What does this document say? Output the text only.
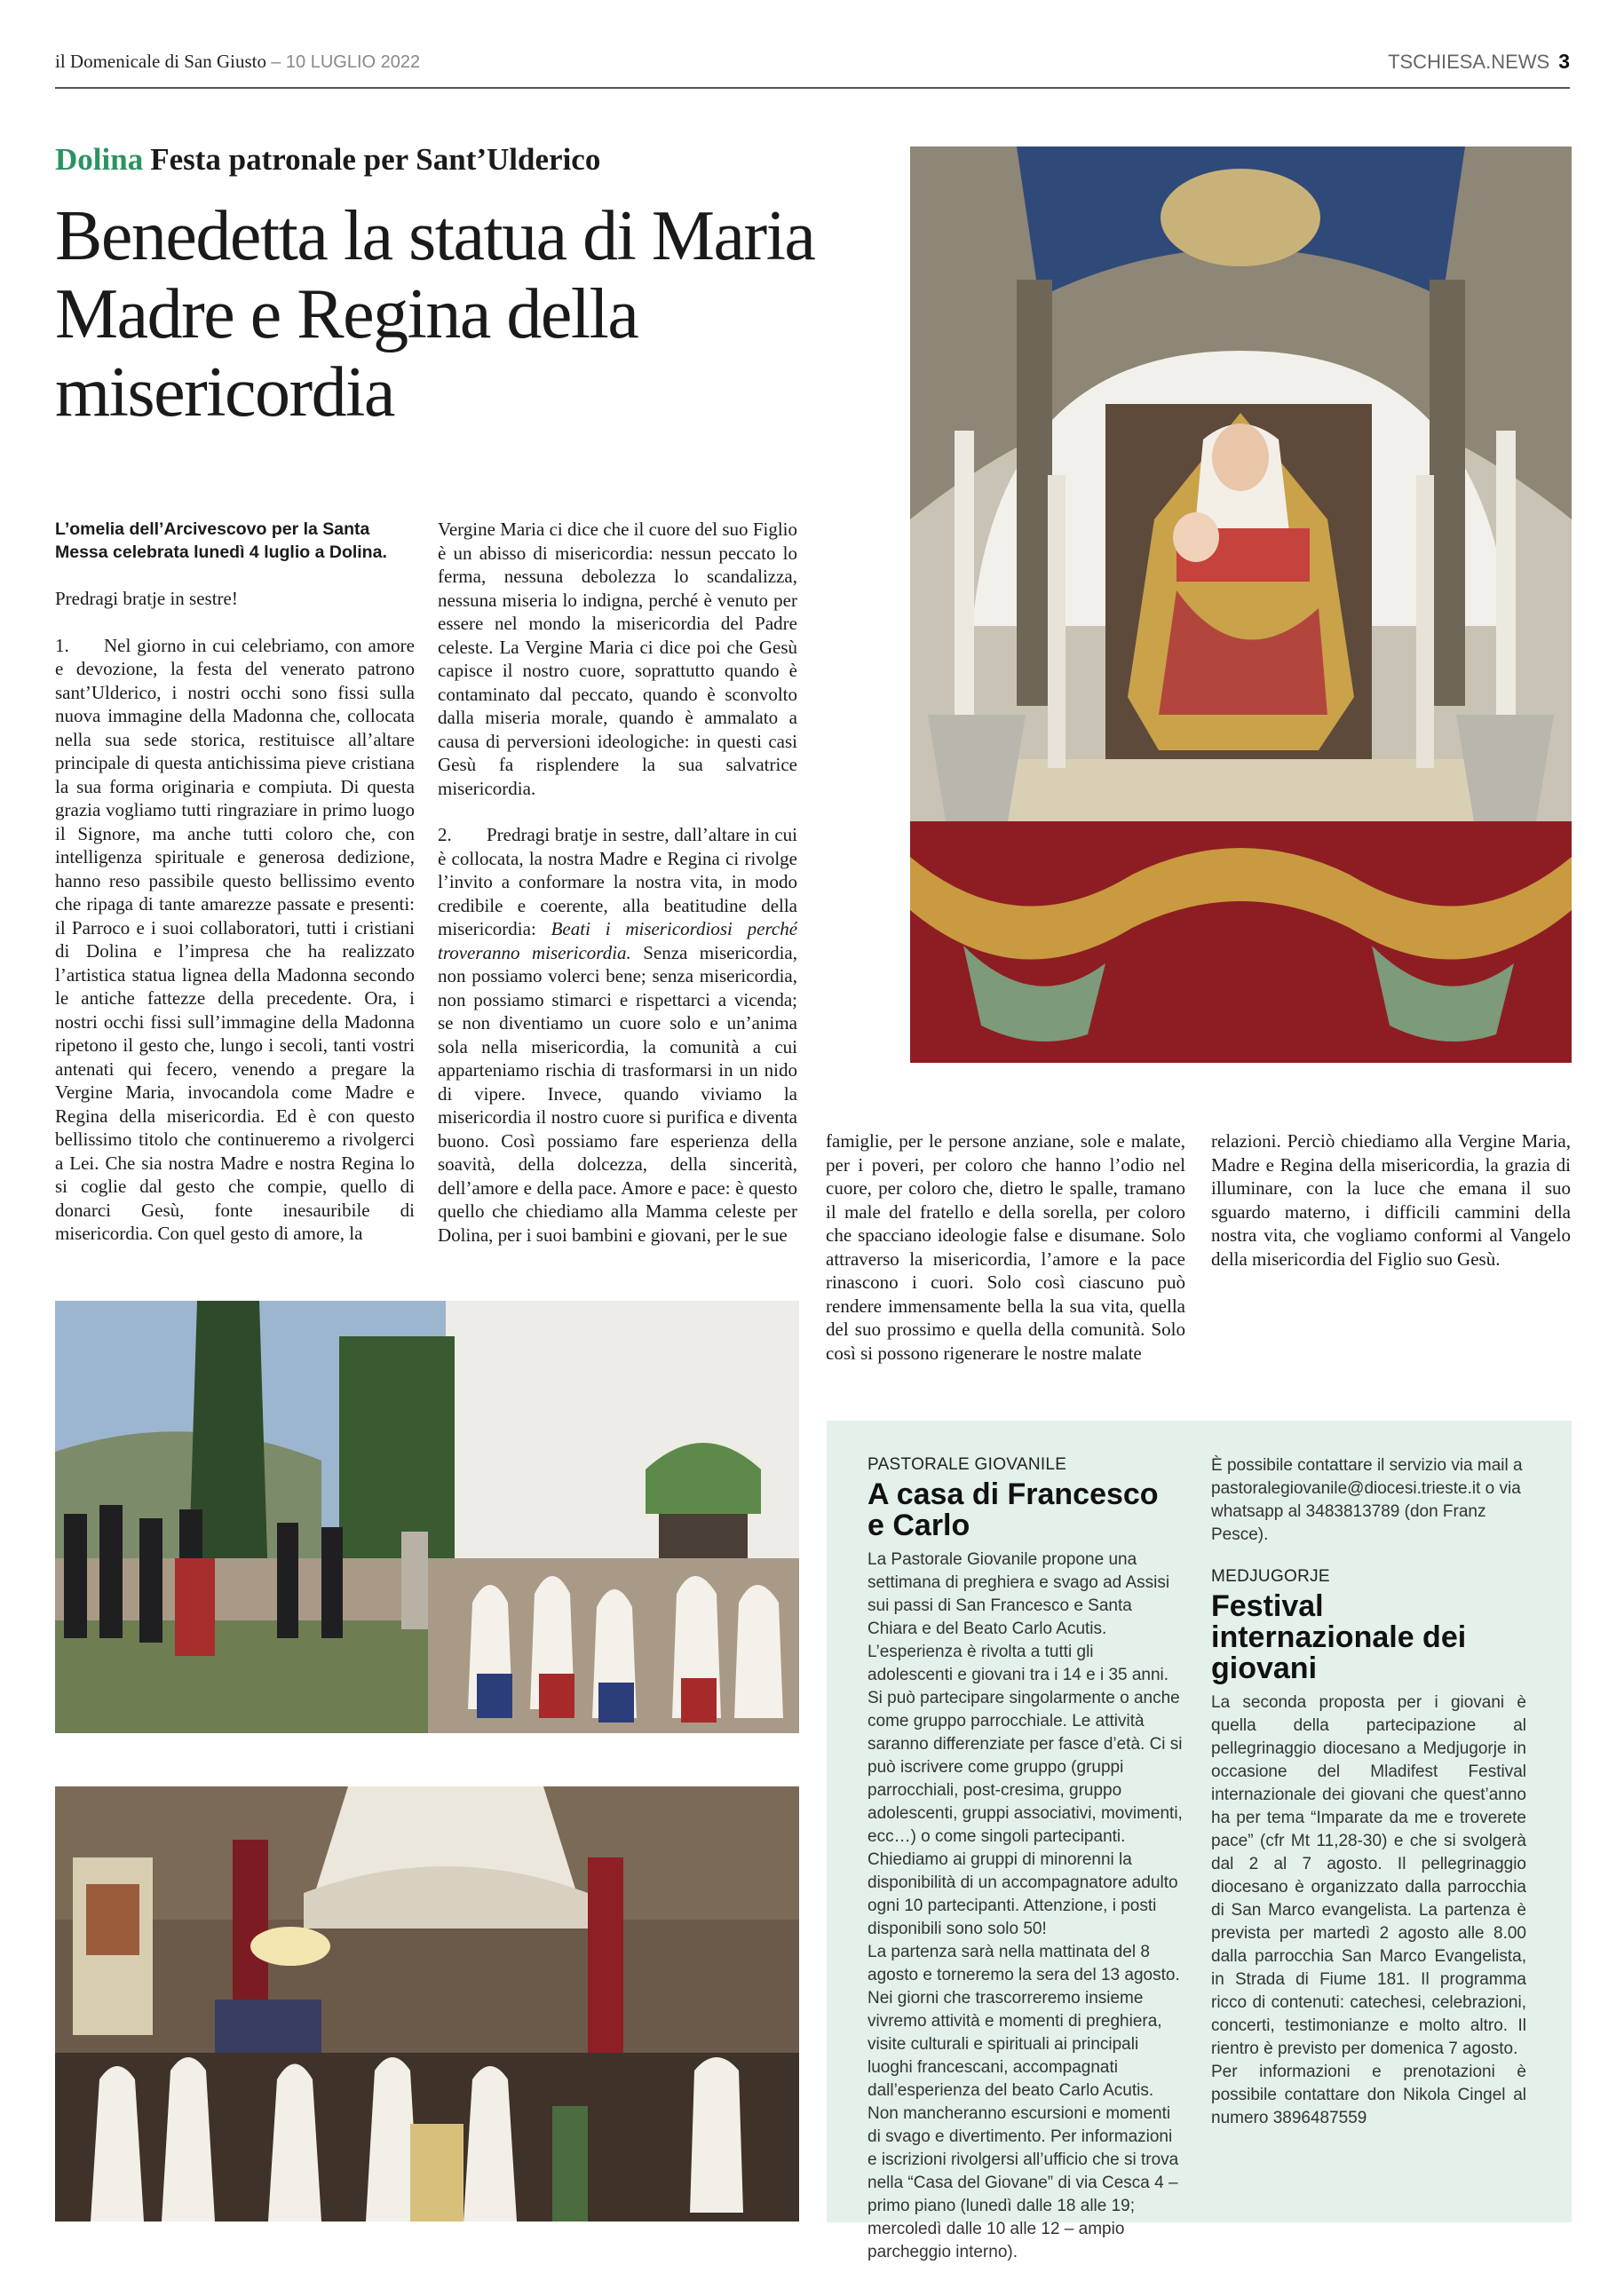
il Domenicale di San Giusto – 10 LUGLIO 2022	TSCHIESA.NEWS 3
Dolina Festa patronale per Sant’Ulderico
Benedetta la statua di Maria Madre e Regina della misericordia

L’omelia dell’Arcivescovo per la Santa Messa celebrata lunedì 4 luglio a Dolina.

Predragi bratje in sestre!

1. Nel giorno in cui celebriamo, con amore e devozione, la festa del venerato patrono sant’Ulderico, i nostri occhi sono fissi sulla nuova immagine della Madonna che, collocata nella sua sede storica, restituisce all’altare principale di questa antichissima pieve cristiana la sua forma originaria e compiuta. Di questa grazia vogliamo tutti ringraziare in primo luogo il Signore, ma anche tutti coloro che, con intelligenza spirituale e generosa dedizione, hanno reso passibile questo bellissimo evento che ripaga di tante amarezze passate e presenti: il Parroco e i suoi collaboratori, tutti i cristiani di Dolina e l’impresa che ha realizzato l’artistica statua lignea della Madonna secondo le antiche fattezze della precedente. Ora, i nostri occhi fissi sull’immagine della Madonna ripetono il gesto che, lungo i secoli, tanti vostri antenati qui fecero, venendo a pregare la Vergine Maria, invocandola come Madre e Regina della misericordia. Ed è con questo bellissimo titolo che continueremo a rivolgerci a Lei. Che sia nostra Madre e nostra Regina lo si coglie dal gesto che compie, quello di donarci Gesù, fonte inesauribile di misericordia. Con quel gesto di amore, la

Vergine Maria ci dice che il cuore del suo Figlio è un abisso di misericordia: nessun peccato lo ferma, nessuna debolezza lo scandalizza, nessuna miseria lo indigna, perché è venuto per essere nel mondo la misericordia del Padre celeste. La Vergine Maria ci dice poi che Gesù capisce il nostro cuore, soprattutto quando è contaminato dal peccato, quando è sconvolto dalla miseria morale, quando è ammalato a causa di perversioni ideologiche: in questi casi Gesù fa risplendere la sua salvatrice misericordia.

2. Predragi bratje in sestre, dall’altare in cui è collocata, la nostra Madre e Regina ci rivolge l’invito a conformare la nostra vita, in modo credibile e coerente, alla beatitudine della misericordia: Beati i misericordiosi perché troveranno misericordia. Senza misericordia, non possiamo volerci bene; senza misericordia, non possiamo stimarci e rispettarci a vicenda; se non diventiamo un cuore solo e un’anima sola nella misericordia, la comunità a cui apparteniamo rischia di trasformarsi in un nido di vipere. Invece, quando viviamo la misericordia il nostro cuore si purifica e diventa buono. Così possiamo fare esperienza della soavità, della dolcezza, della sincerità, dell’amore e della pace. Amore e pace: è questo quello che chiediamo alla Mamma celeste per Dolina, per i suoi bambini e giovani, per le sue

famiglie, per le persone anziane, sole e malate, per i poveri, per coloro che hanno l’odio nel cuore, per coloro che, dietro le spalle, tramano il male del fratello e della sorella, per coloro che spacciano ideologie false e disumane. Solo attraverso la misericordia, l’amore e la pace rinascono i cuori. Solo così ciascuno può rendere immensamente bella la sua vita, quella del suo prossimo e quella della comunità. Solo così si possono rigenerare le nostre malate

relazioni. Perciò chiediamo alla Vergine Maria, Madre e Regina della misericordia, la grazia di illuminare, con la luce che emana il suo sguardo materno, i difficili cammini della nostra vita, che vogliamo conformi al Vangelo della misericordia del Figlio suo Gesù.

PASTORALE GIOVANILE

A casa di Francesco e Carlo

La Pastorale Giovanile propone una settimana di preghiera e svago ad Assisi sui passi di San Francesco e Santa Chiara e del Beato Carlo Acutis. L’esperienza è rivolta a tutti gli adolescenti e giovani tra i 14 e i 35 anni. Si può partecipare singolarmente o anche come gruppo parrocchiale. Le attività saranno differenziate per fasce d’età. Ci si può iscrivere come gruppo (gruppi parrocchiali, post-cresima, gruppo adolescenti, gruppi associativi, movimenti, ecc…) o come singoli partecipanti. Chiediamo ai gruppi di minorenni la disponibilità di un accompagnatore adulto ogni 10 partecipanti. Attenzione, i posti disponibili sono solo 50!

La partenza sarà nella mattinata del 8 agosto e torneremo la sera del 13 agosto. Nei giorni che trascorreremo insieme vivremo attività e momenti di preghiera, visite culturali e spirituali ai principali luoghi francescani, accompagnati dall’esperienza del beato Carlo Acutis. Non mancheranno escursioni e momenti di svago e divertimento. Per informazioni e iscrizioni rivolgersi all’ufficio che si trova nella “Casa del Giovane” di via Cesca 4 – primo piano (lunedì dalle 18 alle 19; mercoledì dalle 10 alle 12 – ampio parcheggio interno).

È possibile contattare il servizio via mail a pastoralegiovanile@diocesi.trieste.it o via whatsapp al 3483813789 (don Franz Pesce).

MEDJUGORJE

Festival internazionale dei giovani

La seconda proposta per i giovani è quella della partecipazione al pellegrinaggio diocesano a Medjugorje in occasione del Mladifest Festival internazionale dei giovani che quest’anno ha per tema “Imparate da me e troverete pace” (cfr Mt 11,28-30) e che si svolgerà dal 2 al 7 agosto. Il pellegrinaggio diocesano è organizzato dalla parrocchia di San Marco evangelista. La partenza è prevista per martedì 2 agosto alle 8.00 dalla parrocchia San Marco Evangelista, in Strada di Fiume 181. Il programma ricco di contenuti: catechesi, celebrazioni, concerti, testimonianze e molto altro. Il rientro è previsto per domenica 7 agosto.

Per informazioni e prenotazioni è possibile contattare don Nikola Cingel al numero 3896487559
